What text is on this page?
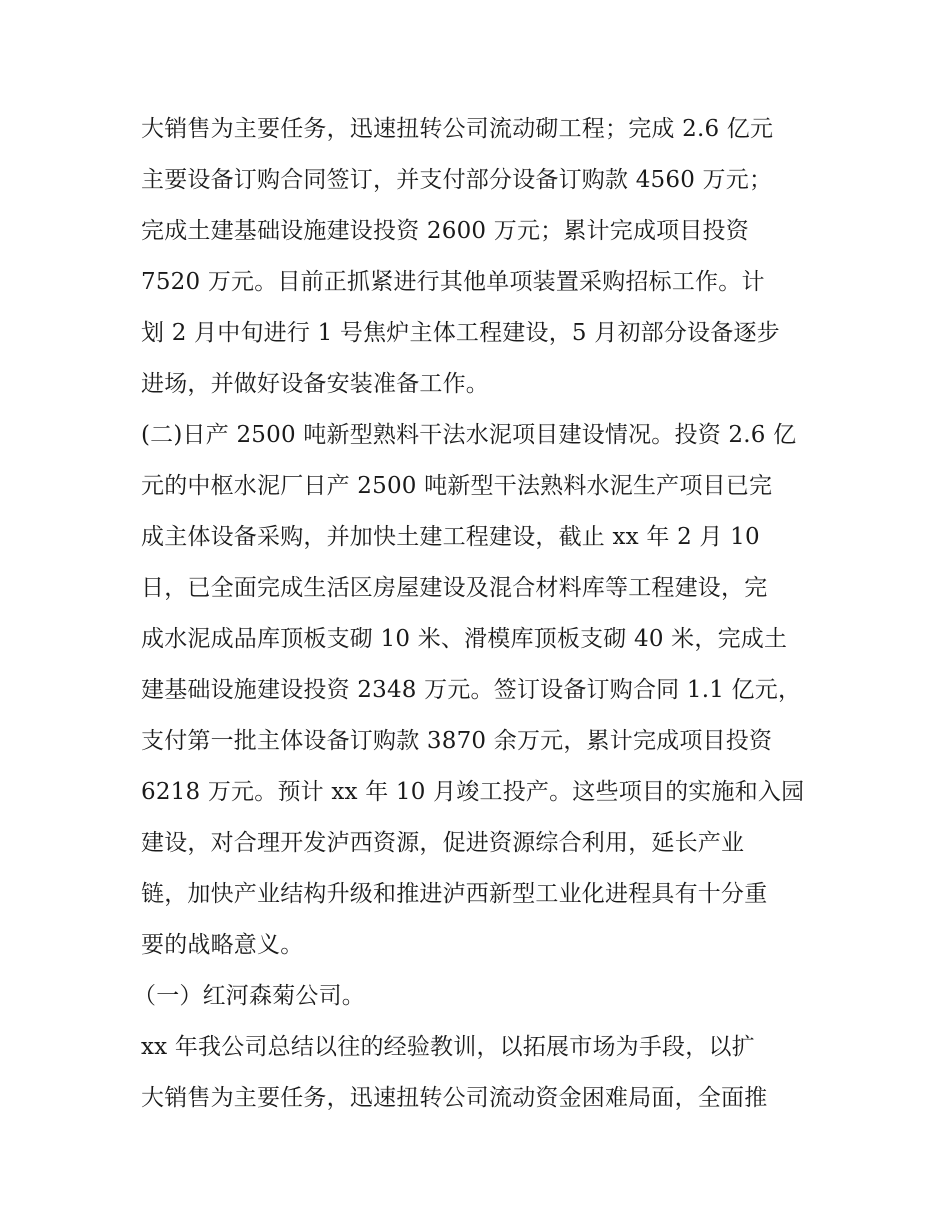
大销售为主要任务，迅速扭转公司流动砌工程；完成 2.6 亿元
主要设备订购合同签订，并支付部分设备订购款 4560 万元；
完成土建基础设施建设投资 2600 万元；累计完成项目投资
7520 万元。目前正抓紧进行其他单项装置采购招标工作。计
划 2 月中旬进行 1 号焦炉主体工程建设，5 月初部分设备逐步
进场，并做好设备安装准备工作。
(二)日产 2500 吨新型熟料干法水泥项目建设情况。投资 2.6 亿
元的中枢水泥厂日产 2500 吨新型干法熟料水泥生产项目已完
成主体设备采购，并加快土建工程建设，截止 xx 年 2 月 10
日，已全面完成生活区房屋建设及混合材料库等工程建设，完
成水泥成品库顶板支砌 10 米、滑模库顶板支砌 40 米，完成土
建基础设施建设投资 2348 万元。签订设备订购合同 1.1 亿元，
支付第一批主体设备订购款 3870 余万元，累计完成项目投资
6218 万元。预计 xx 年 10 月竣工投产。这些项目的实施和入园
建设，对合理开发泸西资源，促进资源综合利用，延长产业
链，加快产业结构升级和推进泸西新型工业化进程具有十分重
要的战略意义。
（一）红河森菊公司。
xx 年我公司总结以往的经验教训，以拓展市场为手段，以扩
大销售为主要任务，迅速扭转公司流动资金困难局面，全面推
